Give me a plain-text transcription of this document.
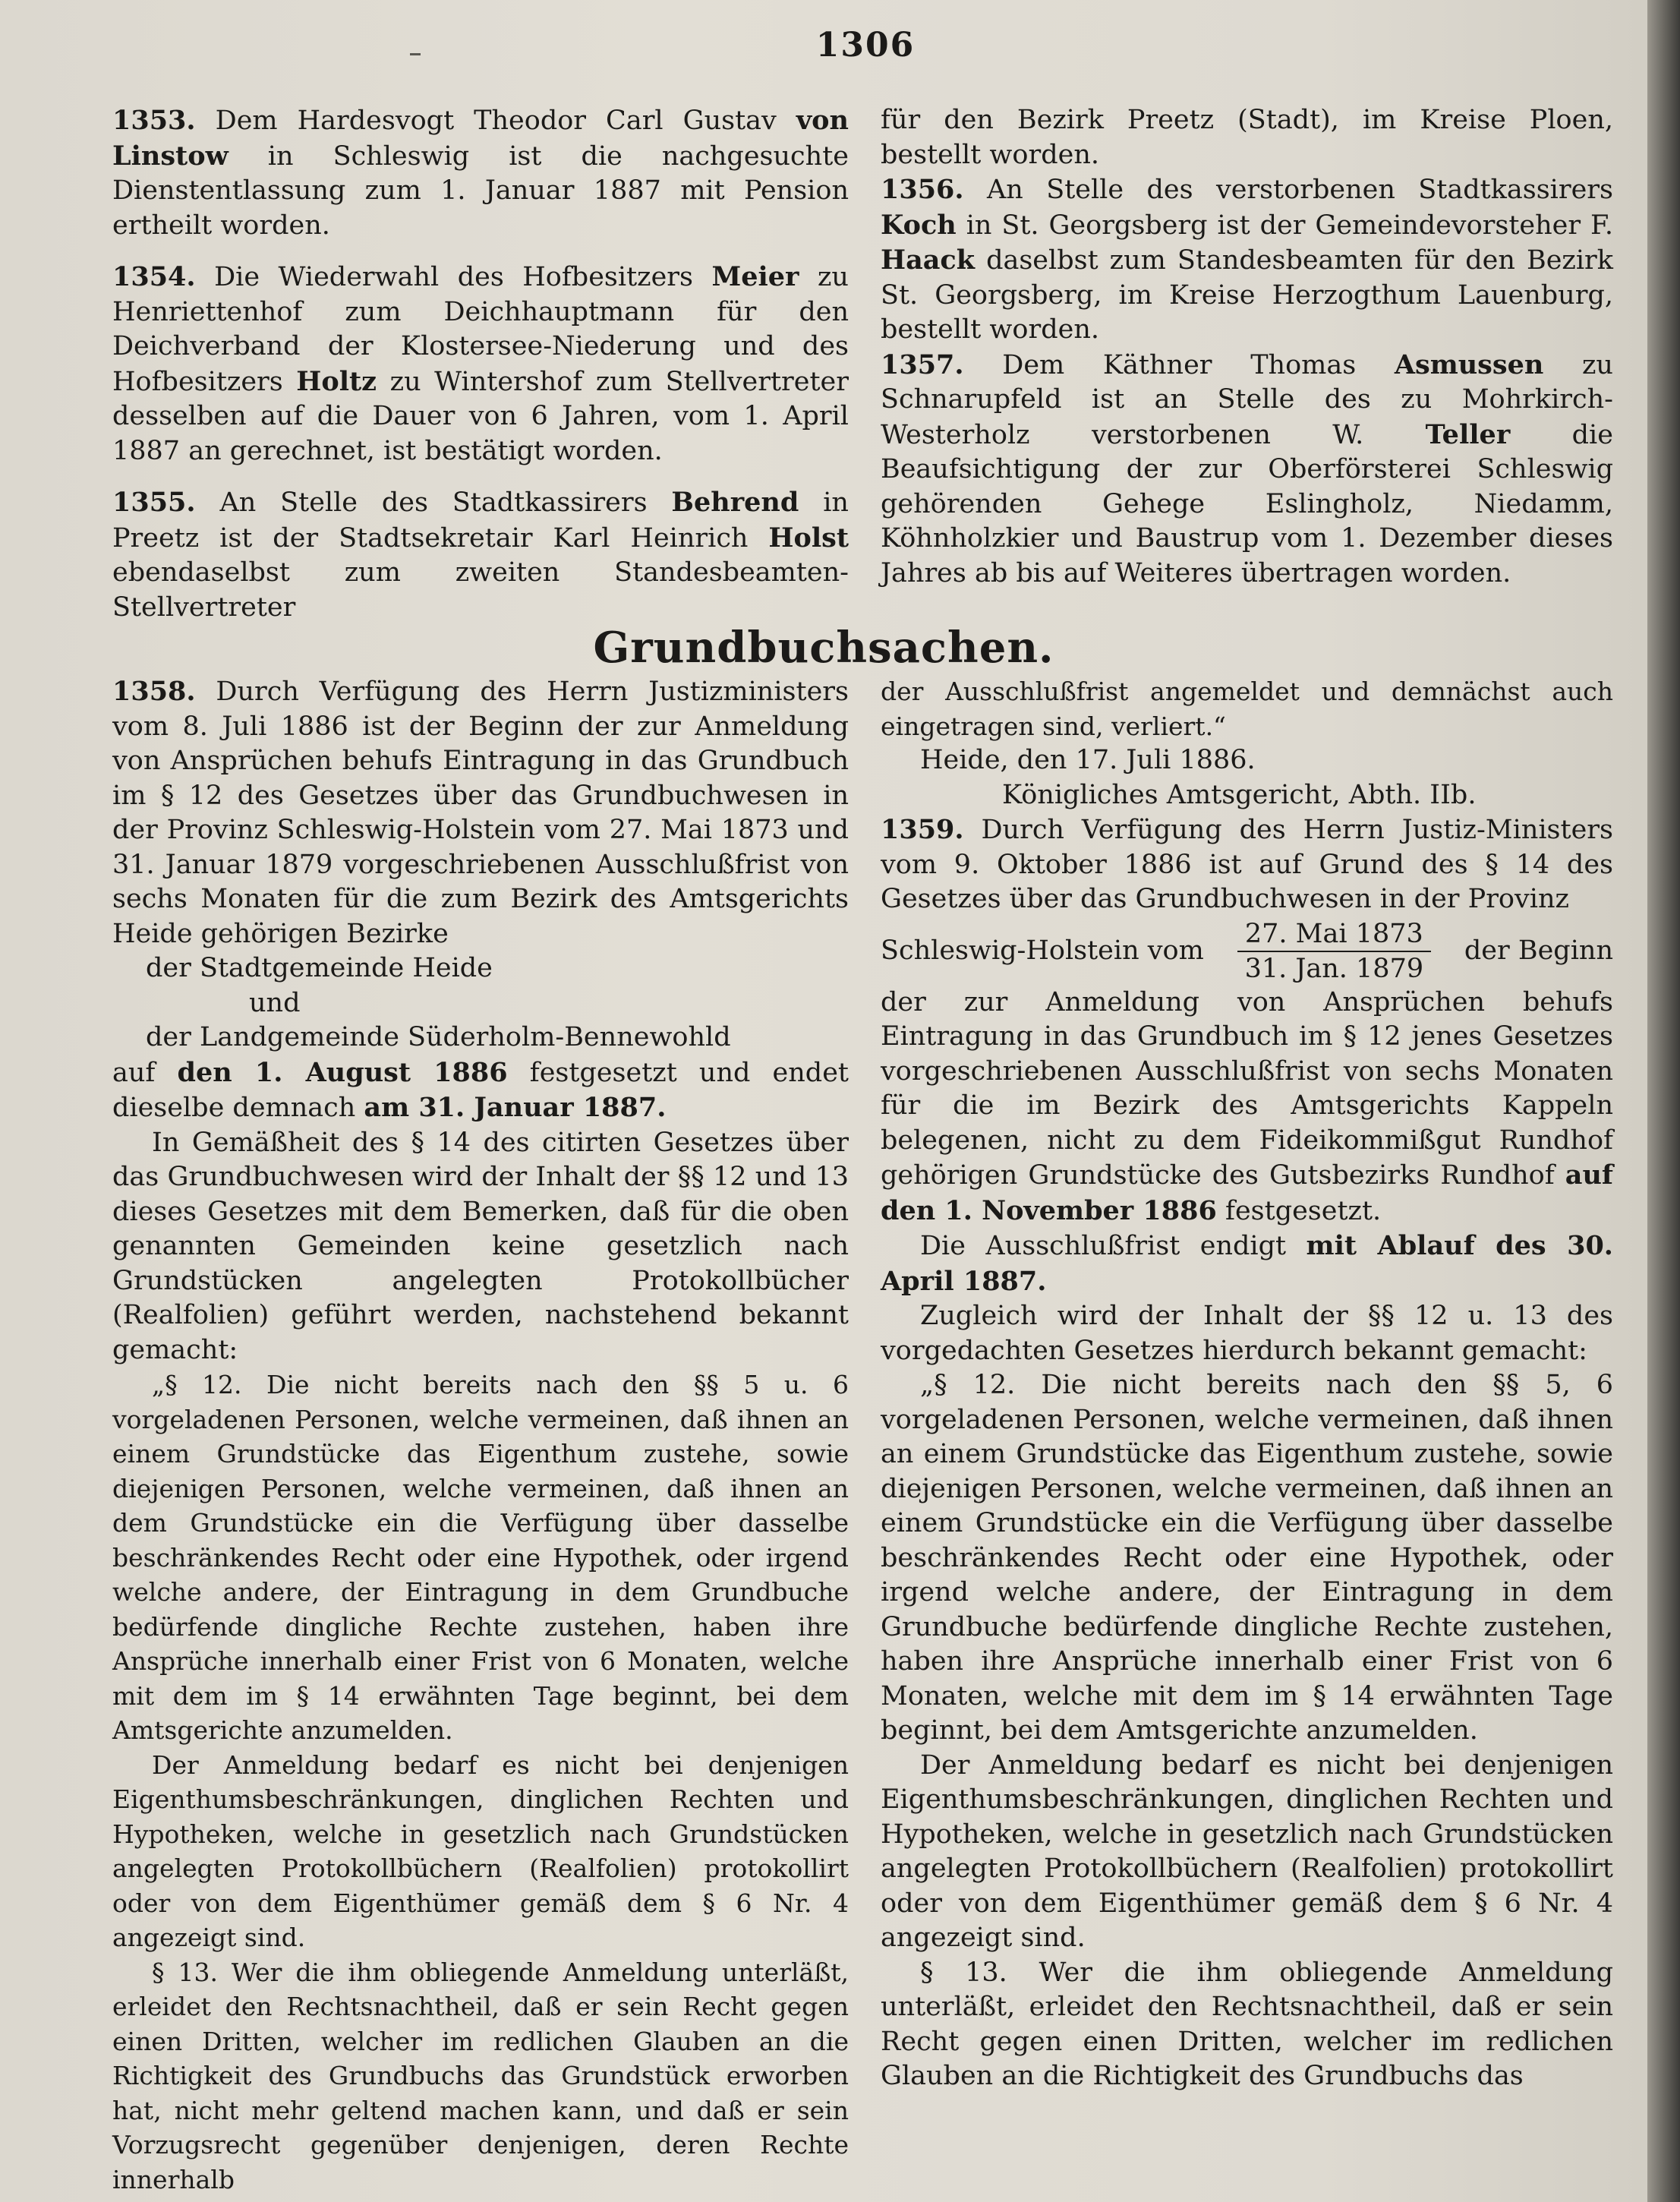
1306

1353. Dem Hardesvogt Theodor Carl Gustav von Linstow in Schleswig ist die nachgesuchte Dienstentlassung zum 1. Januar 1887 mit Pension ertheilt worden.

1354. Die Wiederwahl des Hofbesitzers Meier zu Henriettenhof zum Deichhauptmann für den Deichverband der Klostersee-Niederung und des Hofbesitzers Holtz zu Wintershof zum Stellvertreter desselben auf die Dauer von 6 Jahren, vom 1. April 1887 an gerechnet, ist bestätigt worden.

1355. An Stelle des Stadtkassirers Behrend in Preetz ist der Stadtsekretair Karl Heinrich Holst ebendaselbst zum zweiten Standesbeamten-Stellvertreter

für den Bezirk Preetz (Stadt), im Kreise Ploen, bestellt worden.

1356. An Stelle des verstorbenen Stadtkassirers Koch in St. Georgsberg ist der Gemeindevorsteher F. Haack daselbst zum Standesbeamten für den Bezirk St. Georgsberg, im Kreise Herzogthum Lauenburg, bestellt worden.

1357. Dem Käthner Thomas Asmussen zu Schnarupfeld ist an Stelle des zu Mohrkirch-Westerholz verstorbenen W. Teller die Beaufsichtigung der zur Oberförsterei Schleswig gehörenden Gehege Eslingholz, Niedamm, Köhnholzkier und Baustrup vom 1. Dezember dieses Jahres ab bis auf Weiteres übertragen worden.

Grundbuchsachen.

1358. Durch Verfügung des Herrn Justizministers vom 8. Juli 1886 ist der Beginn der zur Anmeldung von Ansprüchen behufs Eintragung in das Grundbuch im § 12 des Gesetzes über das Grundbuchwesen in der Provinz Schleswig-Holstein vom 27. Mai 1873 und 31. Januar 1879 vorgeschriebenen Ausschlußfrist von sechs Monaten für die zum Bezirk des Amtsgerichts Heide gehörigen Bezirke

der Stadtgemeinde Heide

und

der Landgemeinde Süderholm-Bennewohld

auf den 1. August 1886 festgesetzt und endet dieselbe demnach am 31. Januar 1887.

In Gemäßheit des § 14 des citirten Gesetzes über das Grundbuchwesen wird der Inhalt der §§ 12 und 13 dieses Gesetzes mit dem Bemerken, daß für die oben genannten Gemeinden keine gesetzlich nach Grundstücken angelegten Protokollbücher (Realfolien) geführt werden, nachstehend bekannt gemacht:

„§ 12. Die nicht bereits nach den §§ 5 u. 6 vorgeladenen Personen, welche vermeinen, daß ihnen an einem Grundstücke das Eigenthum zustehe, sowie diejenigen Personen, welche vermeinen, daß ihnen an dem Grundstücke ein die Verfügung über dasselbe beschränkendes Recht oder eine Hypothek, oder irgend welche andere, der Eintragung in dem Grundbuche bedürfende dingliche Rechte zustehen, haben ihre Ansprüche innerhalb einer Frist von 6 Monaten, welche mit dem im § 14 erwähnten Tage beginnt, bei dem Amtsgerichte anzumelden.

Der Anmeldung bedarf es nicht bei denjenigen Eigenthumsbeschränkungen, dinglichen Rechten und Hypotheken, welche in gesetzlich nach Grundstücken angelegten Protokollbüchern (Realfolien) protokollirt oder von dem Eigenthümer gemäß dem § 6 Nr. 4 angezeigt sind.

§ 13. Wer die ihm obliegende Anmeldung unterläßt, erleidet den Rechtsnachtheil, daß er sein Recht gegen einen Dritten, welcher im redlichen Glauben an die Richtigkeit des Grundbuchs das Grundstück erworben hat, nicht mehr geltend machen kann, und daß er sein Vorzugsrecht gegenüber denjenigen, deren Rechte innerhalb

der Ausschlußfrist angemeldet und demnächst auch eingetragen sind, verliert.“

Heide, den 17. Juli 1886.

Königliches Amtsgericht, Abth. IIb.

1359. Durch Verfügung des Herrn Justiz-Ministers vom 9. Oktober 1886 ist auf Grund des § 14 des Gesetzes über das Grundbuchwesen in der Provinz

Schleswig-Holstein vom $\frac{\text{27. Mai 1873}}{\text{31. Jan. 1879}}$ der Beginn

der zur Anmeldung von Ansprüchen behufs Eintragung in das Grundbuch im § 12 jenes Gesetzes vorgeschriebenen Ausschlußfrist von sechs Monaten für die im Bezirk des Amtsgerichts Kappeln belegenen, nicht zu dem Fideikommißgut Rundhof gehörigen Grundstücke des Gutsbezirks Rundhof auf den 1. November 1886 festgesetzt.

Die Ausschlußfrist endigt mit Ablauf des 30. April 1887.

Zugleich wird der Inhalt der §§ 12 u. 13 des vorgedachten Gesetzes hierdurch bekannt gemacht:

„§ 12. Die nicht bereits nach den §§ 5, 6 vorgeladenen Personen, welche vermeinen, daß ihnen an einem Grundstücke das Eigenthum zustehe, sowie diejenigen Personen, welche vermeinen, daß ihnen an einem Grundstücke ein die Verfügung über dasselbe beschränkendes Recht oder eine Hypothek, oder irgend welche andere, der Eintragung in dem Grundbuche bedürfende dingliche Rechte zustehen, haben ihre Ansprüche innerhalb einer Frist von 6 Monaten, welche mit dem im § 14 erwähnten Tage beginnt, bei dem Amtsgerichte anzumelden.

Der Anmeldung bedarf es nicht bei denjenigen Eigenthumsbeschränkungen, dinglichen Rechten und Hypotheken, welche in gesetzlich nach Grundstücken angelegten Protokollbüchern (Realfolien) protokollirt oder von dem Eigenthümer gemäß dem § 6 Nr. 4 angezeigt sind.

§ 13. Wer die ihm obliegende Anmeldung unterläßt, erleidet den Rechtsnachtheil, daß er sein Recht gegen einen Dritten, welcher im redlichen Glauben an die Richtigkeit des Grundbuchs das
